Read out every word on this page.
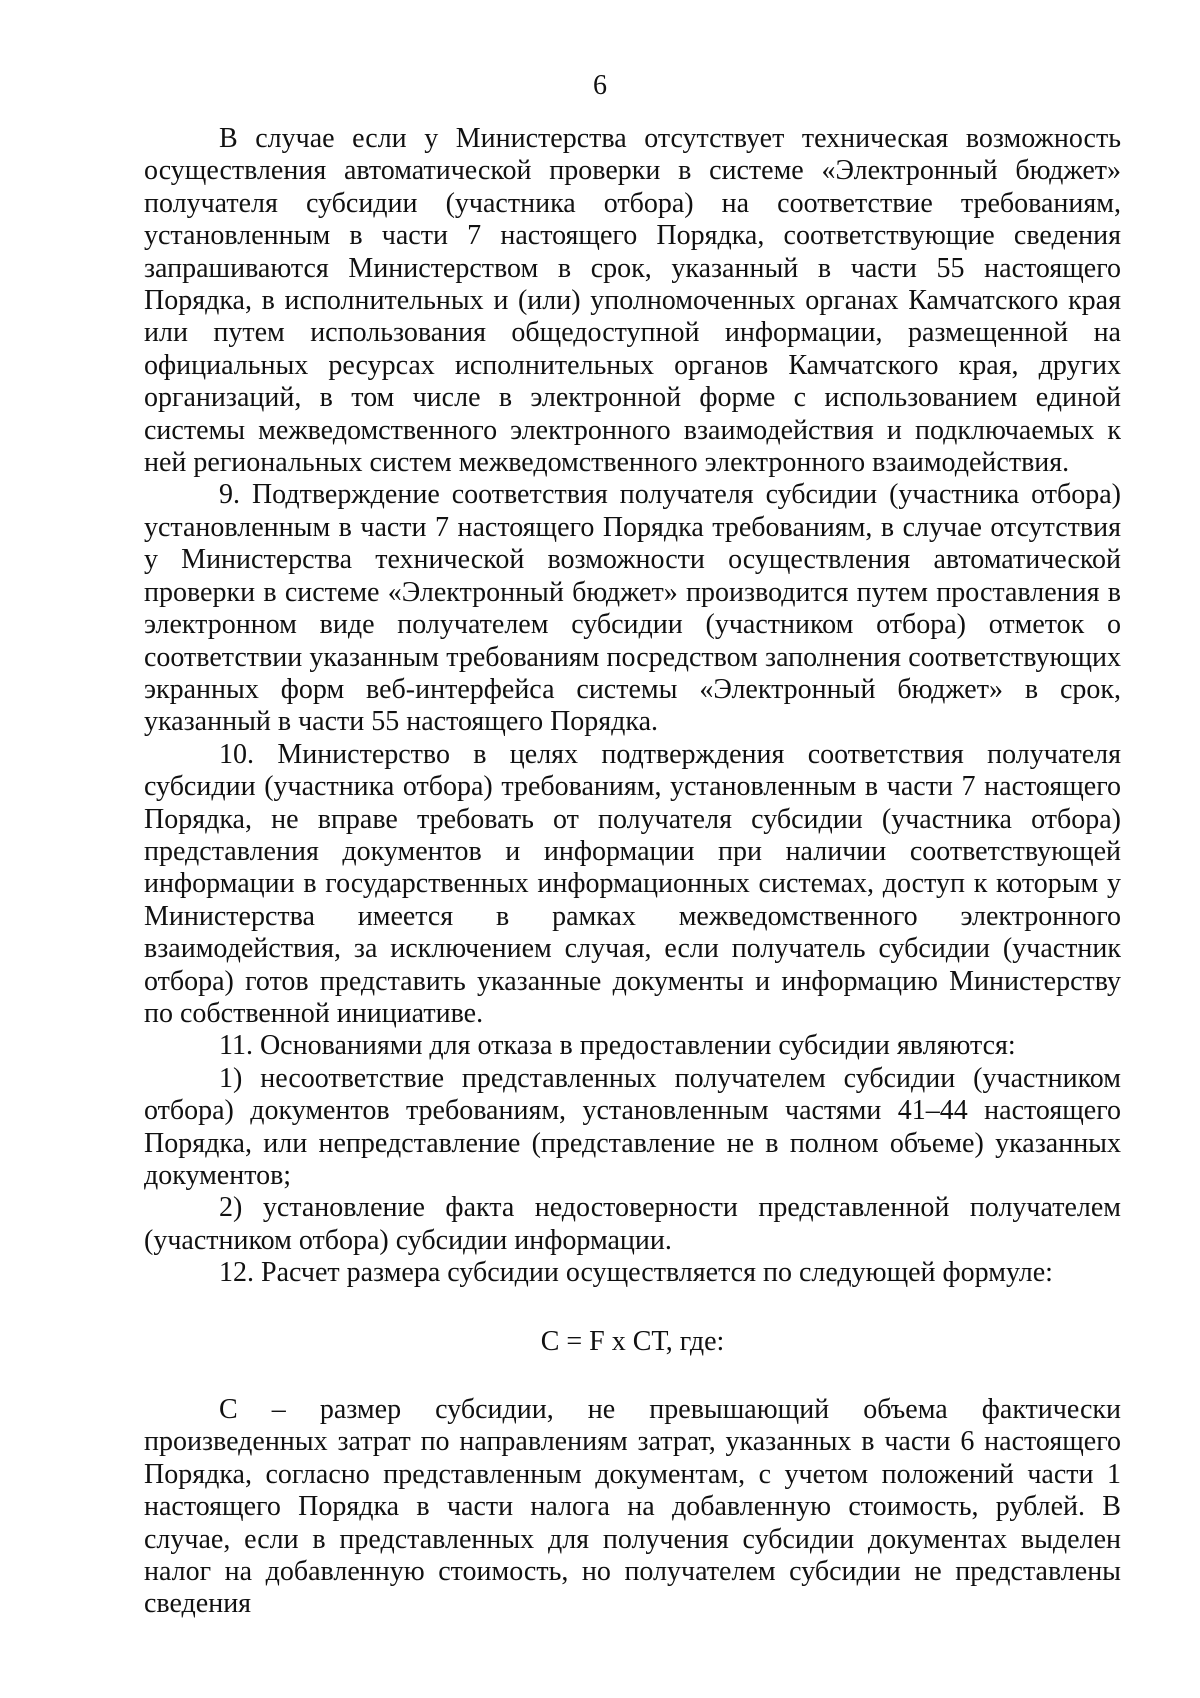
6

В случае если у Министерства отсутствует техническая возможность осуществления автоматической проверки в системе «Электронный бюджет» получателя субсидии (участника отбора) на соответствие требованиям, установленным в части 7 настоящего Порядка, соответствующие сведения запрашиваются Министерством в срок, указанный в части 55 настоящего Порядка, в исполнительных и (или) уполномоченных органах Камчатского края или путем использования общедоступной информации, размещенной на официальных ресурсах исполнительных органов Камчатского края, других организаций, в том числе в электронной форме с использованием единой системы межведомственного электронного взаимодействия и подключаемых к ней региональных систем межведомственного электронного взаимодействия.

9. Подтверждение соответствия получателя субсидии (участника отбора) установленным в части 7 настоящего Порядка требованиям, в случае отсутствия у Министерства технической возможности осуществления автоматической проверки в системе «Электронный бюджет» производится путем проставления в электронном виде получателем субсидии (участником отбора) отметок о соответствии указанным требованиям посредством заполнения соответствующих экранных форм веб-интерфейса системы «Электронный бюджет» в срок, указанный в части 55 настоящего Порядка.

10. Министерство в целях подтверждения соответствия получателя субсидии (участника отбора) требованиям, установленным в части 7 настоящего Порядка, не вправе требовать от получателя субсидии (участника отбора) представления документов и информации при наличии соответствующей информации в государственных информационных системах, доступ к которым у Министерства имеется в рамках межведомственного электронного взаимодействия, за исключением случая, если получатель субсидии (участник отбора) готов представить указанные документы и информацию Министерству по собственной инициативе.

11. Основаниями для отказа в предоставлении субсидии являются:

1) несоответствие представленных получателем субсидии (участником отбора) документов требованиям, установленным частями 41–44 настоящего Порядка, или непредставление (представление не в полном объеме) указанных документов;

2) установление факта недостоверности представленной получателем (участником отбора) субсидии информации.

12. Расчет размера субсидии осуществляется по следующей формуле:

С = F х СТ, где:

С – размер субсидии, не превышающий объема фактически произведенных затрат по направлениям затрат, указанных в части 6 настоящего Порядка, согласно представленным документам, с учетом положений части 1 настоящего Порядка в части налога на добавленную стоимость, рублей. В случае, если в представленных для получения субсидии документах выделен налог на добавленную стоимость, но получателем субсидии не представлены сведения
